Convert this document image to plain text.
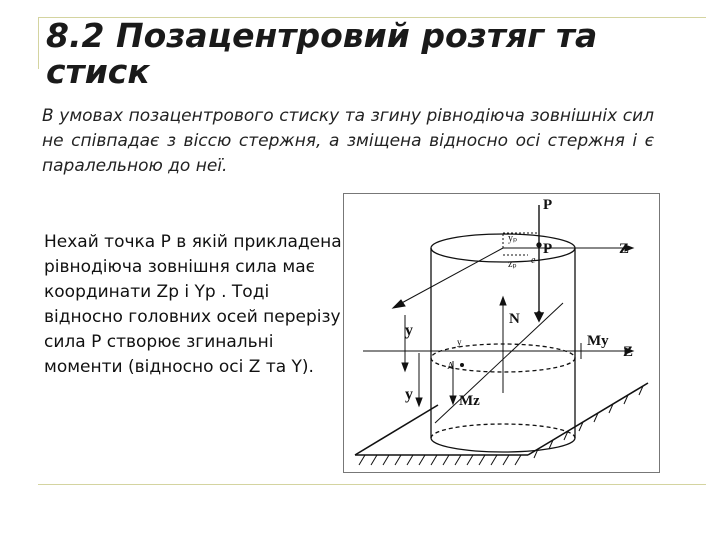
8.2 Позацентровий розтяг та стиск

В умовах позацентрового стиску та згину рівнодіюча зовнішніх сил не співпадає з віссю стержня, а зміщена відносно осі стержня і є паралельною до неї.

Нехай точка Р в якій прикладена рівнодіюча зовнішня сила має координати Zр і Yр . Тоді відносно головних осей перерізу сила Р створює згинальні моменти (відносно осі Z та Y).

P
P
yₚ
zₚ e
Z
y
N
My
Z
y
A
y	Mz
